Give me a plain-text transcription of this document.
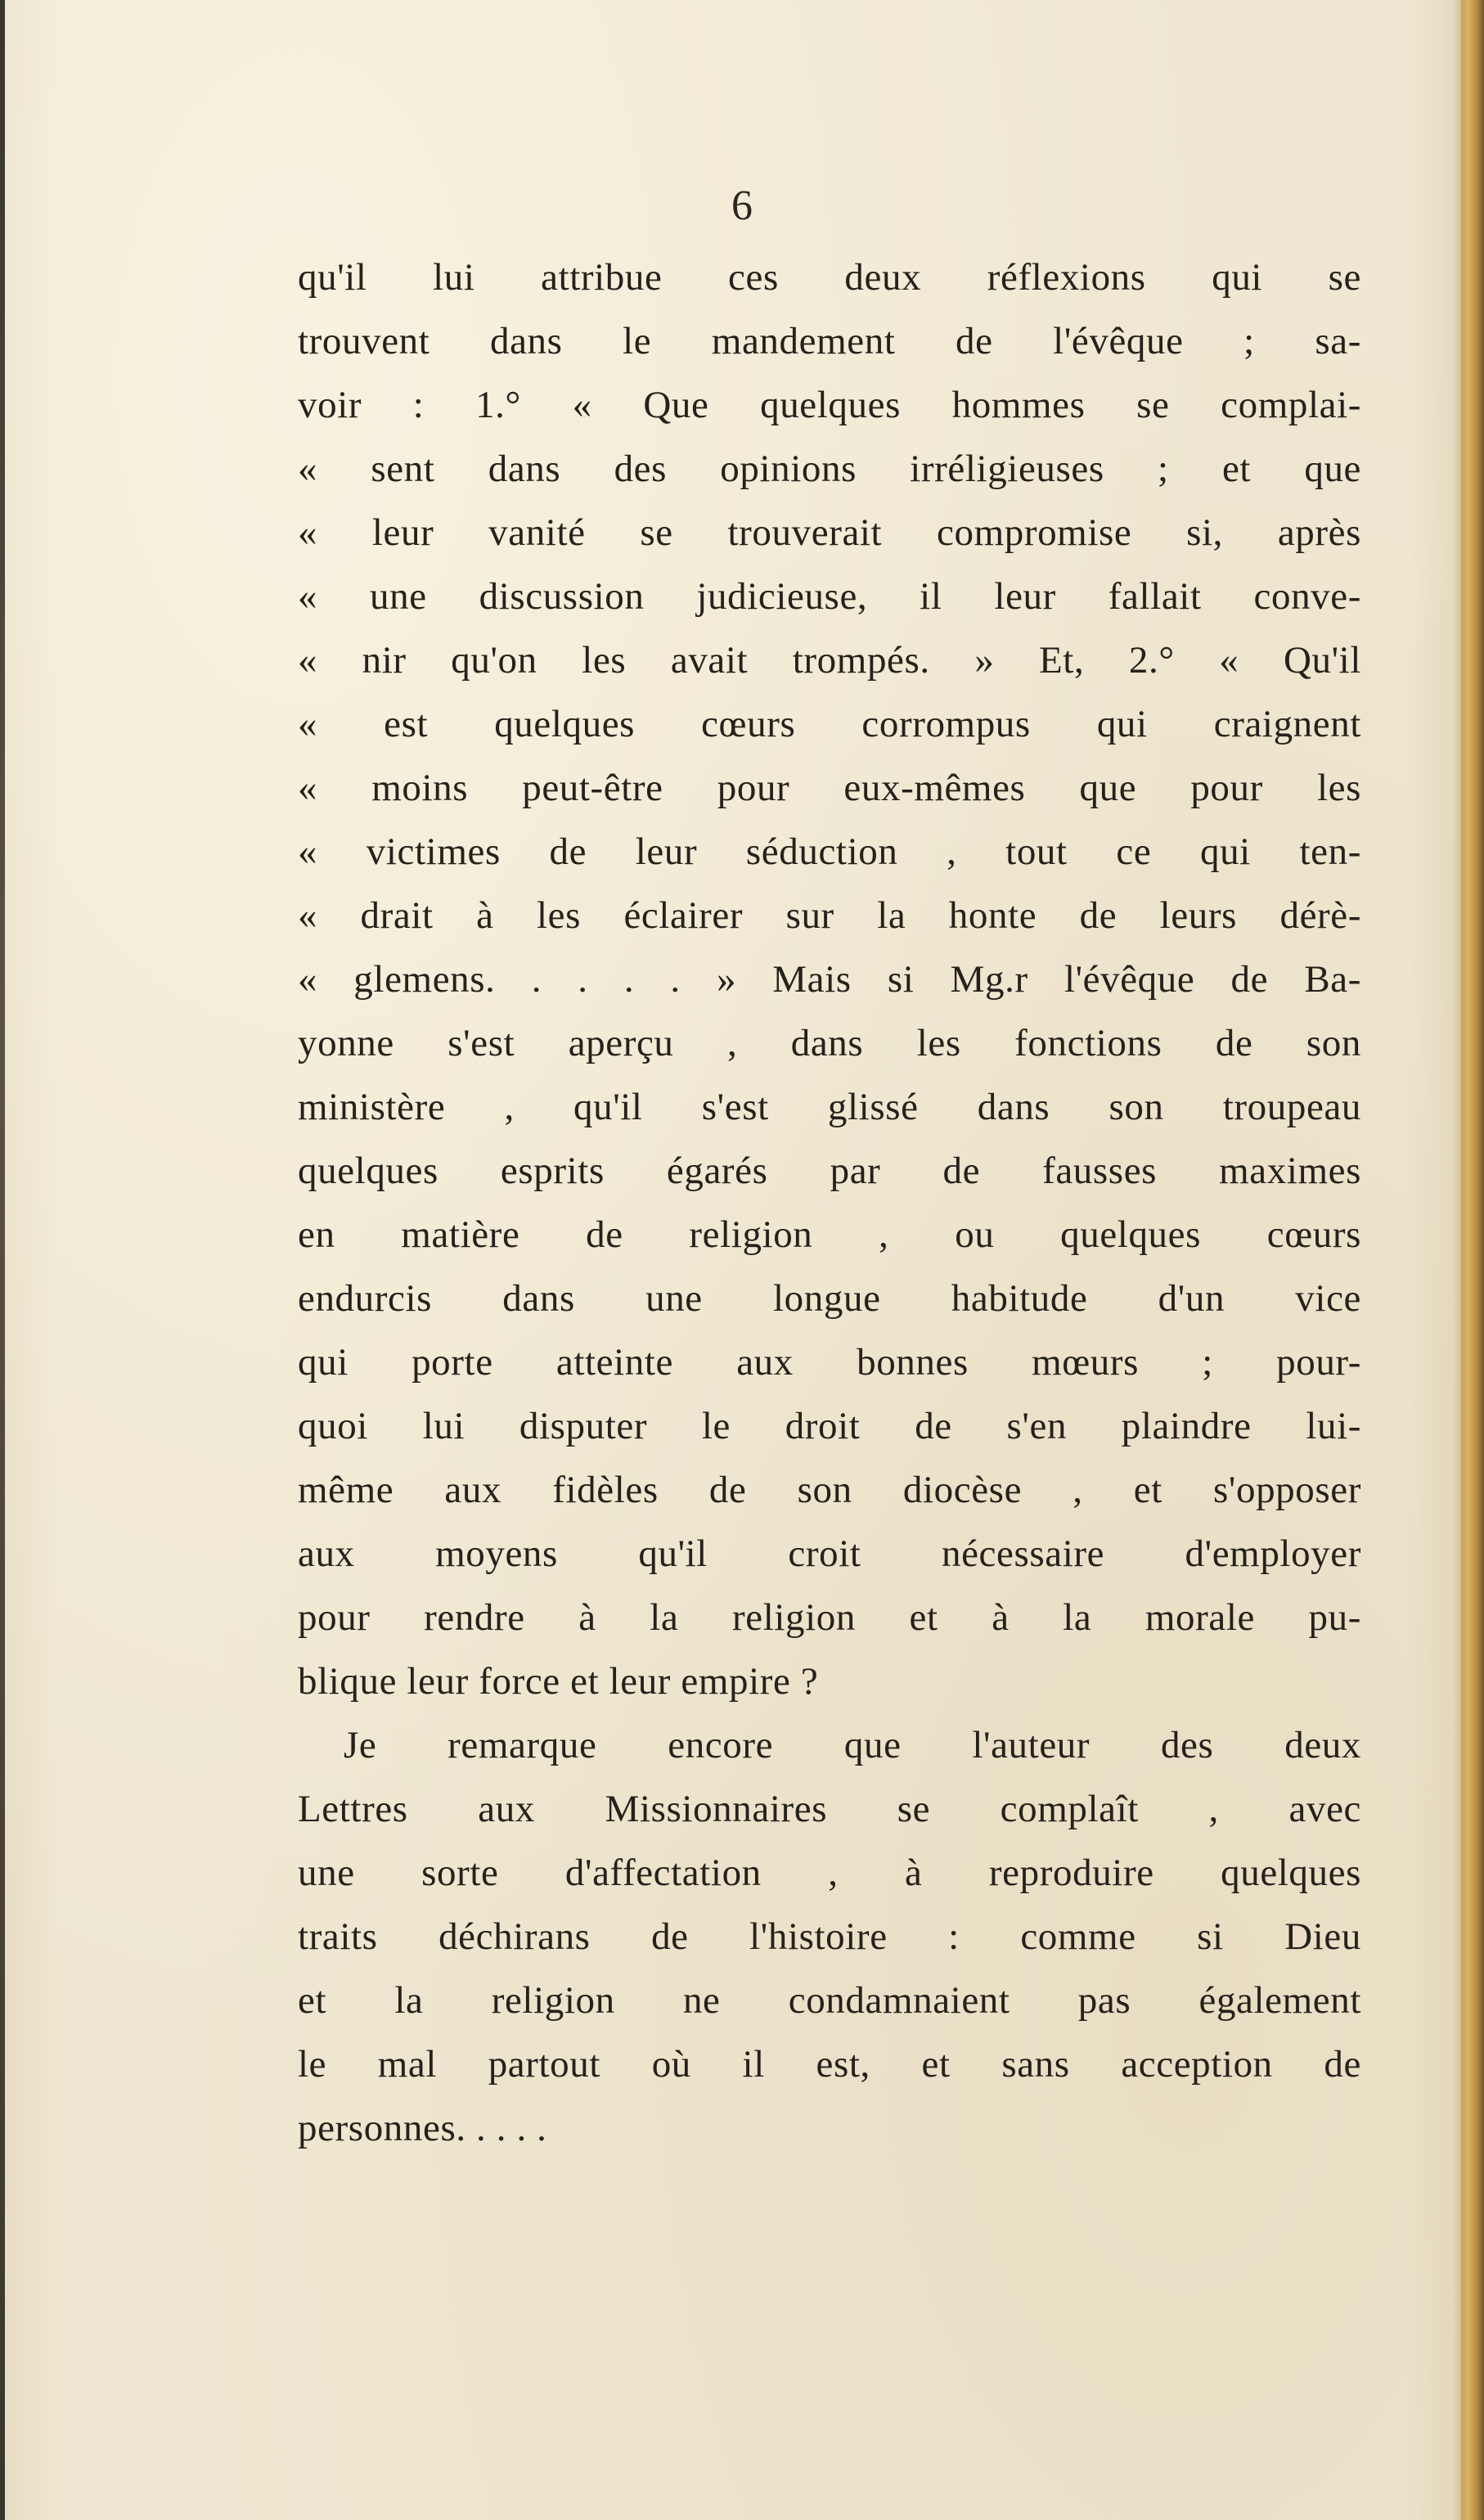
6
qu'il lui attribue ces deux réflexions qui se
trouvent dans le mandement de l'évêque ; sa-
voir : 1.° « Que quelques hommes se complai-
« sent dans des opinions irréligieuses ; et que
« leur vanité se trouverait compromise si, après
« une discussion judicieuse, il leur fallait conve-
« nir qu'on les avait trompés. » Et, 2.° « Qu'il
« est quelques cœurs corrompus qui craignent
« moins peut-être pour eux-mêmes que pour les
« victimes de leur séduction , tout ce qui ten-
« drait à les éclairer sur la honte de leurs dérè-
« glemens. . . . . » Mais si Mg.r l'évêque de Ba-
yonne s'est aperçu , dans les fonctions de son
ministère , qu'il s'est glissé dans son troupeau
quelques esprits égarés par de fausses maximes
en matière de religion , ou quelques cœurs
endurcis dans une longue habitude d'un vice
qui porte atteinte aux bonnes mœurs ; pour-
quoi lui disputer le droit de s'en plaindre lui-
même aux fidèles de son diocèse , et s'opposer
aux moyens qu'il croit nécessaire d'employer
pour rendre à la religion et à la morale pu-
blique leur force et leur empire ?
Je remarque encore que l'auteur des deux
Lettres aux Missionnaires se complaît , avec
une sorte d'affectation , à reproduire quelques
traits déchirans de l'histoire : comme si Dieu
et la religion ne condamnaient pas également
le mal partout où il est, et sans acception de
personnes. . . . .
